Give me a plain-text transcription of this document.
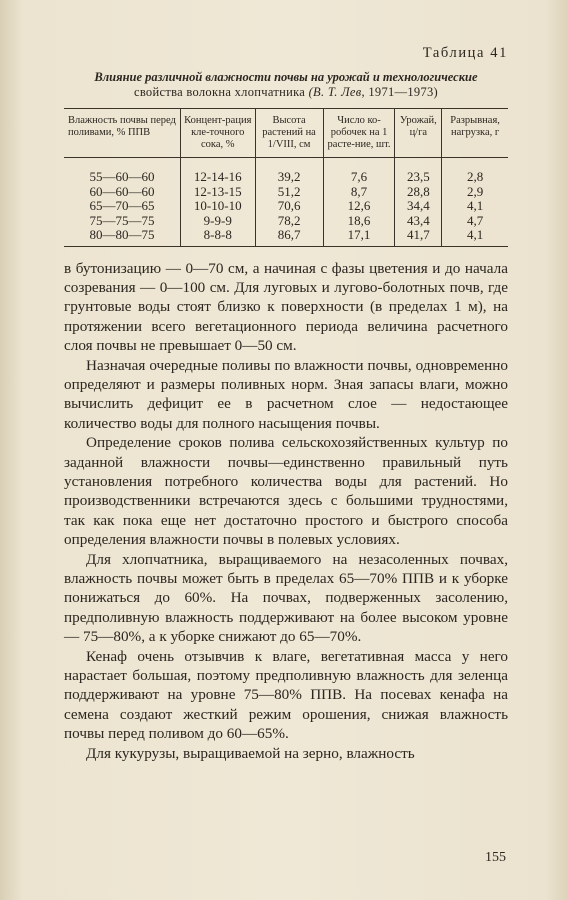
Таблица 41
Влияние различной влажности почвы на урожай и технологические
свойства волокна хлопчатника (В. Т. Лев, 1971—1973)
Влажность почвы перед поливами, % ППВ	Концент-рация кле-точного сока, %	Высота растений на 1/VIII, см	Число ко-робочек на 1 расте-ние, шт.	Урожай, ц/га	Разрывная, нагрузка, г
55—60—60	12-14-16	39,2	7,6	23,5	2,8
60—60—60	12-13-15	51,2	8,7	28,8	2,9
65—70—65	10-10-10	70,6	12,6	34,4	4,1
75—75—75	9-9-9	78,2	18,6	43,4	4,7
80—80—75	8-8-8	86,7	17,1	41,7	4,1

в бутонизацию — 0—70 см, а начиная с фазы цветения и до начала созревания — 0—100 см. Для луговых и лугово-болотных почв, где грунтовые воды стоят близко к поверхности (в пределах 1 м), на протяжении всего вегетационного периода величина расчетного слоя почвы не превышает 0—50 см.

Назначая очередные поливы по влажности почвы, одновременно определяют и размеры поливных норм. Зная запасы влаги, можно вычислить дефицит ее в расчетном слое — недостающее количество воды для полного насыщения почвы.

Определение сроков полива сельскохозяйственных культур по заданной влажности почвы—единственно правильный путь установления потребного количества воды для растений. Но производственники встречаются здесь с большими трудностями, так как пока еще нет достаточно простого и быстрого способа определения влажности почвы в полевых условиях.

Для хлопчатника, выращиваемого на незасоленных почвах, влажность почвы может быть в пределах 65—70% ППВ и к уборке понижаться до 60%. На почвах, подверженных засолению, предполивную влажность поддерживают на более высоком уровне — 75—80%, а к уборке снижают до 65—70%.

Кенаф очень отзывчив к влаге, вегетативная масса у него нарастает большая, поэтому предполивную влажность для зеленца поддерживают на уровне 75—80% ППВ. На посевах кенафа на семена создают жесткий режим орошения, снижая влажность почвы перед поливом до 60—65%.

Для кукурузы, выращиваемой на зерно, влажность

155
